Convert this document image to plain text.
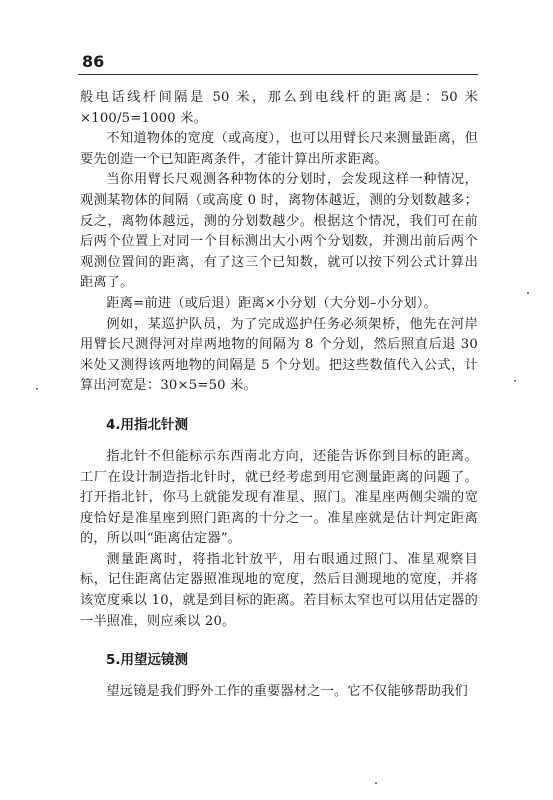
86

般电话线杆间隔是 50 米，那么到电线杆的距离是：50 米×100/5=1000 米。

不知道物体的宽度（或高度），也可以用臂长尺来测量距离，但要先创造一个已知距离条件，才能计算出所求距离。

当你用臂长尺观测各种物体的分划时，会发现这样一种情况，观测某物体的间隔（或高度 0 时，离物体越近，测的分划数越多；反之，离物体越远，测的分划数越少。根据这个情况，我们可在前后两个位置上对同一个目标测出大小两个分划数，并测出前后两个观测位置间的距离，有了这三个已知数，就可以按下列公式计算出距离了。

距离=前进（或后退）距离×小分划（大分划–小分划）。

例如，某巡护队员，为了完成巡护任务必须架桥，他先在河岸用臂长尺测得河对岸两地物的间隔为 8 个分划，然后照直后退 30 米处又测得该两地物的间隔是 5 个分划。把这些数值代入公式，计算出河宽是：30×5=50 米。

4.用指北针测

指北针不但能标示东西南北方向，还能告诉你到目标的距离。工厂在设计制造指北针时，就已经考虑到用它测量距离的问题了。打开指北针，你马上就能发现有准星、照门。准星座两侧尖端的宽度恰好是准星座到照门距离的十分之一。准星座就是估计判定距离的，所以叫“距离估定器”。

测量距离时，将指北针放平，用右眼通过照门、准星观察目标，记住距离估定器照准现地的宽度，然后目测现地的宽度，并将该宽度乘以 10，就是到目标的距离。若目标太窄也可以用估定器的一半照准，则应乘以 20。

5.用望远镜测

望远镜是我们野外工作的重要器材之一。它不仅能够帮助我们
